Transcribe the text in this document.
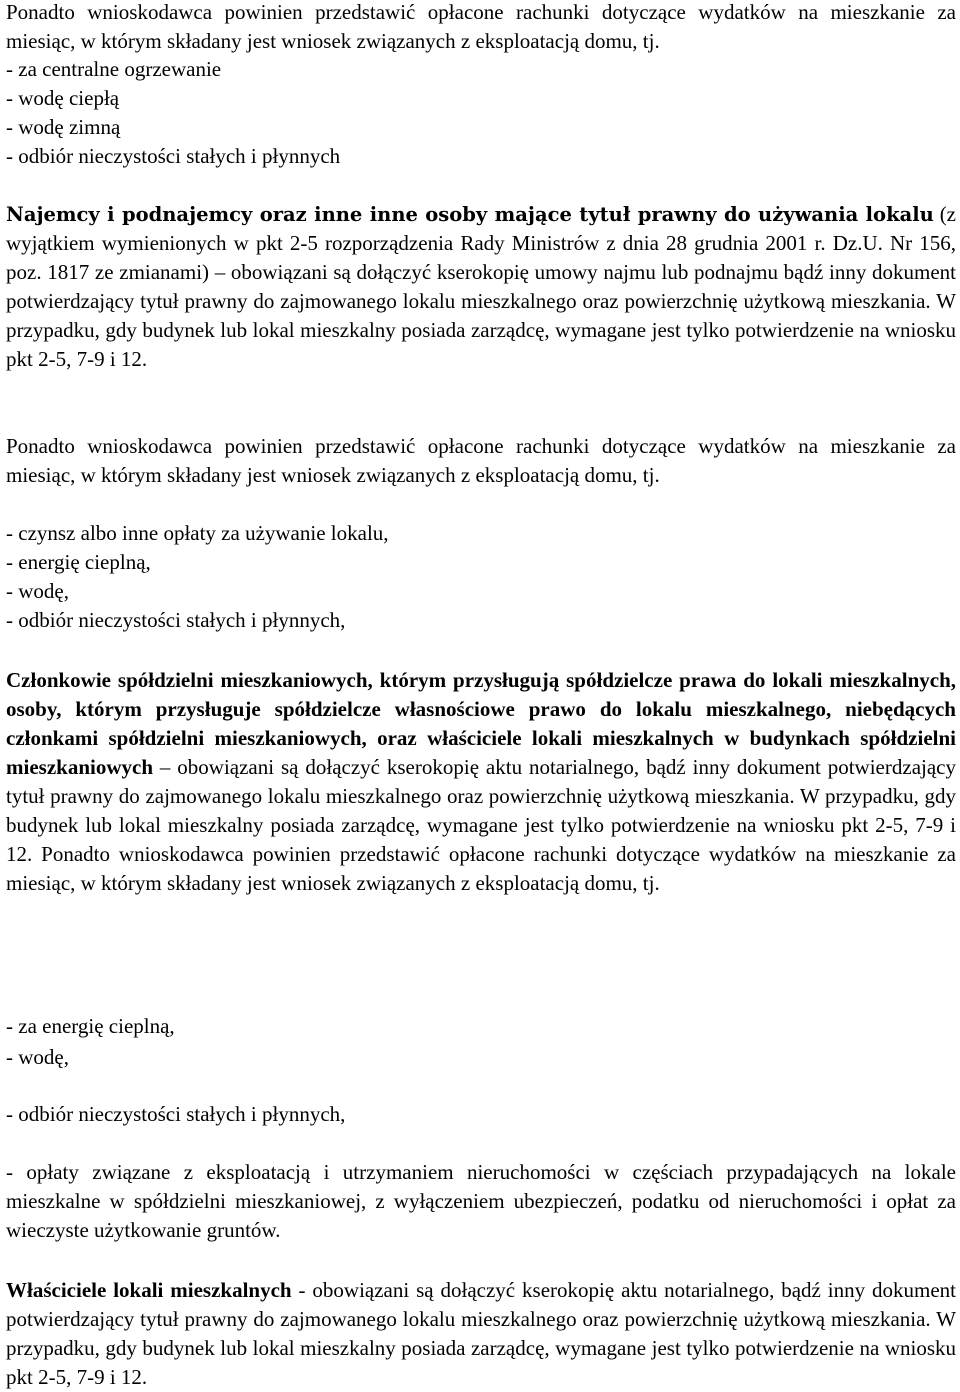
Ponadto wnioskodawca powinien przedstawić opłacone rachunki dotyczące wydatków na mieszkanie za miesiąc, w którym składany jest wniosek związanych z eksploatacją domu, tj.

- za centralne ogrzewanie
- wodę ciepłą
- wodę zimną
- odbiór nieczystości stałych i płynnych

Najemcy i podnajemcy oraz inne inne osoby mające tytuł prawny do używania lokalu (z wyjątkiem wymienionych w pkt 2-5 rozporządzenia Rady Ministrów z dnia 28 grudnia 2001 r. Dz.U. Nr 156, poz. 1817 ze zmianami) – obowiązani są dołączyć kserokopię umowy najmu lub podnajmu bądź inny dokument potwierdzający tytuł prawny do zajmowanego lokalu mieszkalnego oraz powierzchnię użytkową mieszkania. W przypadku, gdy budynek lub lokal mieszkalny posiada zarządcę, wymagane jest tylko potwierdzenie na wniosku pkt 2-5, 7-9 i 12.

Ponadto wnioskodawca powinien przedstawić opłacone rachunki dotyczące wydatków na mieszkanie za miesiąc, w którym składany jest wniosek związanych z eksploatacją domu, tj.

- czynsz albo inne opłaty za używanie lokalu,
- energię cieplną,
- wodę,
- odbiór nieczystości stałych i płynnych,

Członkowie spółdzielni mieszkaniowych, którym przysługują spółdzielcze prawa do lokali mieszkalnych, osoby, którym przysługuje spółdzielcze własnościowe prawo do lokalu mieszkalnego, niebędących członkami spółdzielni mieszkaniowych, oraz właściciele lokali mieszkalnych w budynkach spółdzielni mieszkaniowych – obowiązani są dołączyć kserokopię aktu notarialnego, bądź inny dokument potwierdzający tytuł prawny do zajmowanego lokalu mieszkalnego oraz powierzchnię użytkową mieszkania. W przypadku, gdy budynek lub lokal mieszkalny posiada zarządcę, wymagane jest tylko potwierdzenie na wniosku pkt 2-5, 7-9 i 12. Ponadto wnioskodawca powinien przedstawić opłacone rachunki dotyczące wydatków na mieszkanie za miesiąc, w którym składany jest wniosek związanych z eksploatacją domu, tj.

- za energię cieplną,
- wodę,
- odbiór nieczystości stałych i płynnych,

- opłaty związane z eksploatacją i utrzymaniem nieruchomości w częściach przypadających na lokale mieszkalne w spółdzielni mieszkaniowej, z wyłączeniem ubezpieczeń, podatku od nieruchomości i opłat za wieczyste użytkowanie gruntów.

Właściciele lokali mieszkalnych - obowiązani są dołączyć kserokopię aktu notarialnego, bądź inny dokument potwierdzający tytuł prawny do zajmowanego lokalu mieszkalnego oraz powierzchnię użytkową mieszkania. W przypadku, gdy budynek lub lokal mieszkalny posiada zarządcę, wymagane jest tylko potwierdzenie na wniosku pkt 2-5, 7-9 i 12.
